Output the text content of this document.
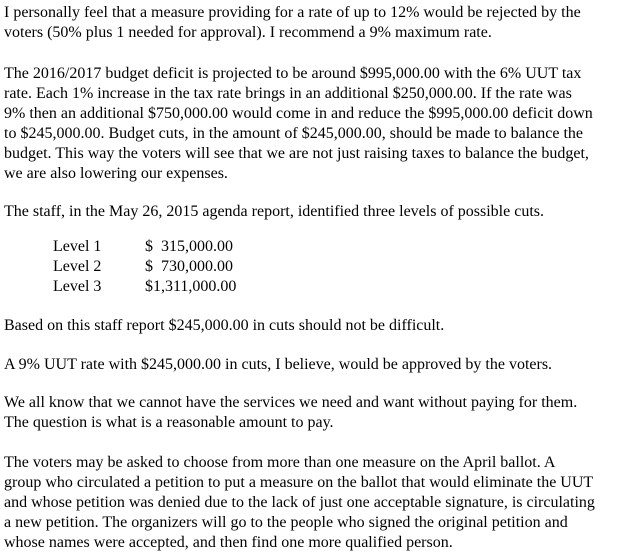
I personally feel that a measure providing for a rate of up to 12% would be rejected by the
voters (50% plus 1 needed for approval). I recommend a 9% maximum rate.

The 2016/2017 budget deficit is projected to be around $995,000.00 with the 6% UUT tax
rate. Each 1% increase in the tax rate brings in an additional $250,000.00. If the rate was
9% then an additional $750,000.00 would come in and reduce the $995,000.00 deficit down
to $245,000.00. Budget cuts, in the amount of $245,000.00, should be made to balance the
budget. This way the voters will see that we are not just raising taxes to balance the budget,
we are also lowering our expenses.

The staff, in the May 26, 2015 agenda report, identified three levels of possible cuts.

Level 1	$  315,000.00
Level 2	$  730,000.00
Level 3	$1,311,000.00

Based on this staff report $245,000.00 in cuts should not be difficult.

A 9% UUT rate with $245,000.00 in cuts, I believe, would be approved by the voters.

We all know that we cannot have the services we need and want without paying for them.
The question is what is a reasonable amount to pay.

The voters may be asked to choose from more than one measure on the April ballot. A
group who circulated a petition to put a measure on the ballot that would eliminate the UUT
and whose petition was denied due to the lack of just one acceptable signature, is circulating
a new petition. The organizers will go to the people who signed the original petition and
whose names were accepted, and then find one more qualified person.
